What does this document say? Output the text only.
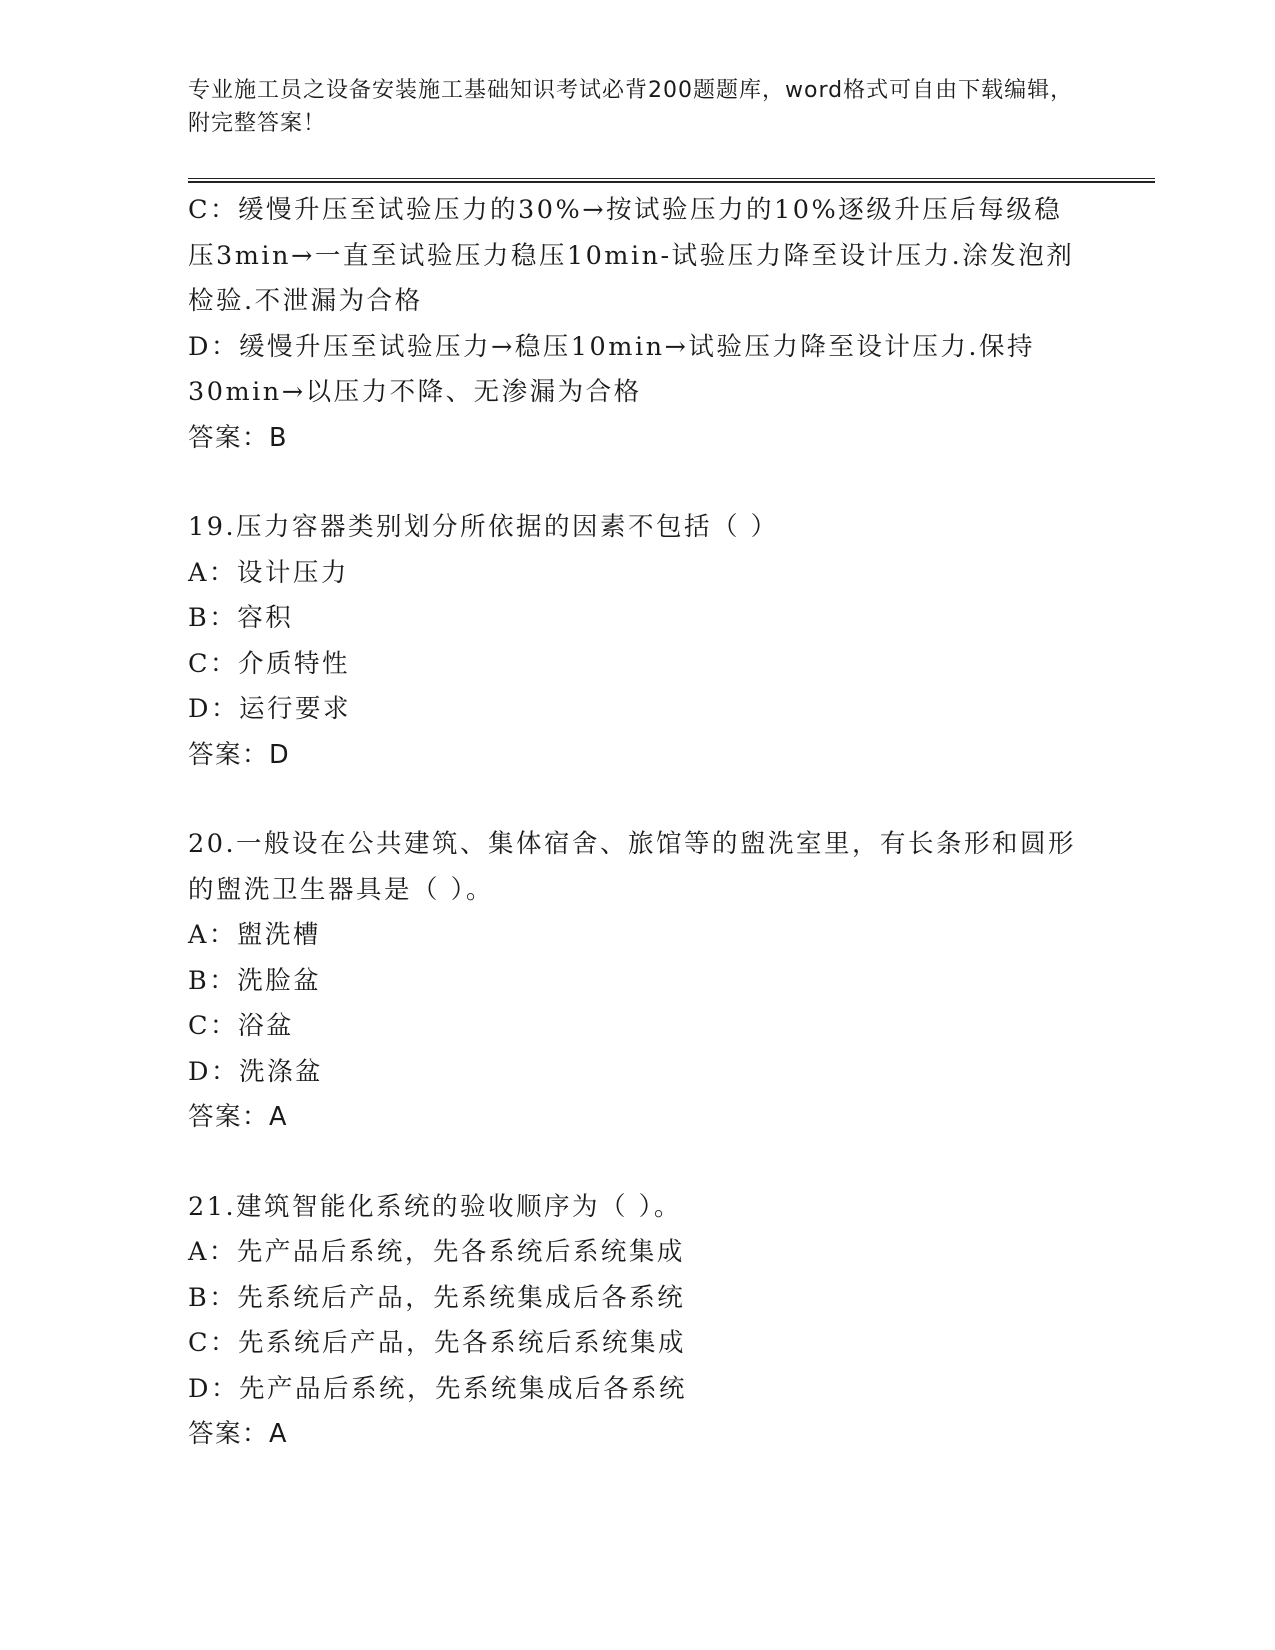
专业施工员之设备安装施工基础知识考试必背200题题库，word格式可自由下载编辑，附完整答案！
C：缓慢升压至试验压力的30%→按试验压力的10%逐级升压后每级稳压3min→一直至试验压力稳压10min-试验压力降至设计压力.涂发泡剂检验.不泄漏为合格
D：缓慢升压至试验压力→稳压10min→试验压力降至设计压力.保持30min→以压力不降、无渗漏为合格
答案：B
19.压力容器类别划分所依据的因素不包括（ ）
A：设计压力
B：容积
C：介质特性
D：运行要求
答案：D
20.一般设在公共建筑、集体宿舍、旅馆等的盥洗室里，有长条形和圆形的盥洗卫生器具是（ ）。
A：盥洗槽
B：洗脸盆
C：浴盆
D：洗涤盆
答案：A
21.建筑智能化系统的验收顺序为（ ）。
A：先产品后系统，先各系统后系统集成
B：先系统后产品，先系统集成后各系统
C：先系统后产品，先各系统后系统集成
D：先产品后系统，先系统集成后各系统
答案：A
